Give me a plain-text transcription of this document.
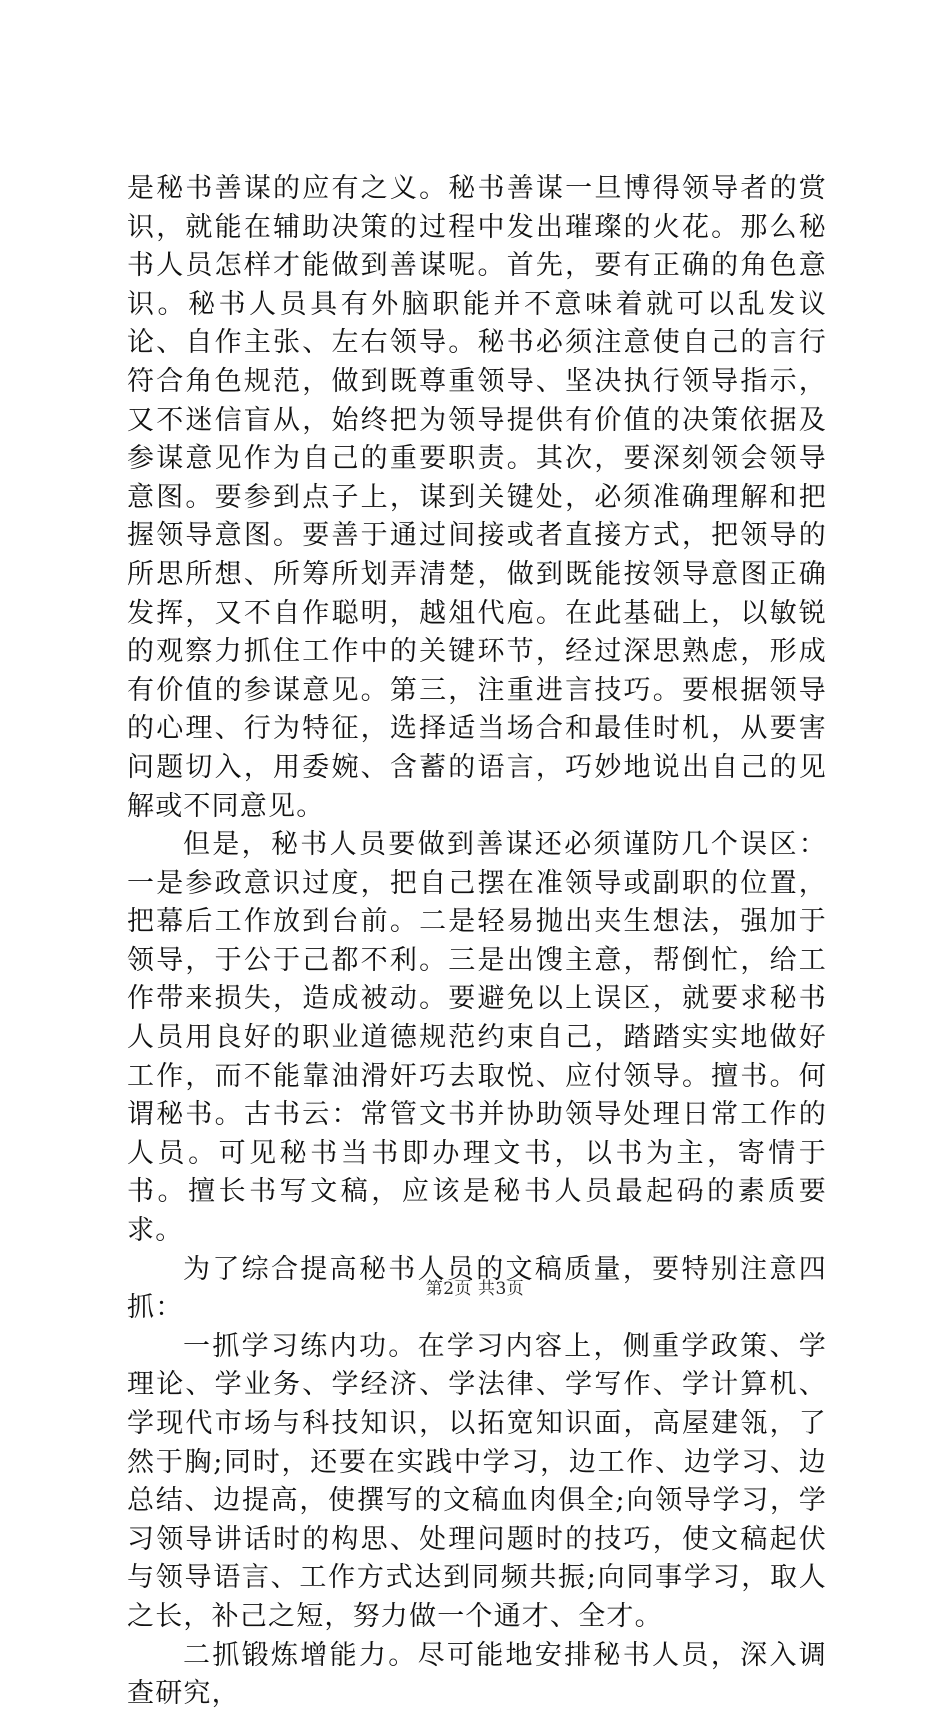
是秘书善谋的应有之义。秘书善谋一旦博得领导者的赏识，就能在辅助决策的过程中发出璀璨的火花。那么秘书人员怎样才能做到善谋呢。首先，要有正确的角色意识。秘书人员具有外脑职能并不意味着就可以乱发议论、自作主张、左右领导。秘书必须注意使自己的言行符合角色规范，做到既尊重领导、坚决执行领导指示，又不迷信盲从，始终把为领导提供有价值的决策依据及参谋意见作为自己的重要职责。其次，要深刻领会领导意图。要参到点子上，谋到关键处，必须准确理解和把握领导意图。要善于通过间接或者直接方式，把领导的所思所想、所筹所划弄清楚，做到既能按领导意图正确发挥，又不自作聪明，越俎代庖。在此基础上，以敏锐的观察力抓住工作中的关键环节，经过深思熟虑，形成有价值的参谋意见。第三，注重进言技巧。要根据领导的心理、行为特征，选择适当场合和最佳时机，从要害问题切入，用委婉、含蓄的语言，巧妙地说出自己的见解或不同意见。

但是，秘书人员要做到善谋还必须谨防几个误区：一是参政意识过度，把自己摆在准领导或副职的位置，把幕后工作放到台前。二是轻易抛出夹生想法，强加于领导，于公于己都不利。三是出馊主意，帮倒忙，给工作带来损失，造成被动。要避免以上误区，就要求秘书人员用良好的职业道德规范约束自己，踏踏实实地做好工作，而不能靠油滑奸巧去取悦、应付领导。擅书。何谓秘书。古书云：常管文书并协助领导处理日常工作的人员。可见秘书当书即办理文书，以书为主，寄情于书。擅长书写文稿，应该是秘书人员最起码的素质要求。

为了综合提高秘书人员的文稿质量，要特别注意四抓：

一抓学习练内功。在学习内容上，侧重学政策、学理论、学业务、学经济、学法律、学写作、学计算机、学现代市场与科技知识，以拓宽知识面，高屋建瓴，了然于胸;同时，还要在实践中学习，边工作、边学习、边总结、边提高，使撰写的文稿血肉俱全;向领导学习，学习领导讲话时的构思、处理问题时的技巧，使文稿起伏与领导语言、工作方式达到同频共振;向同事学习，取人之长，补己之短，努力做一个通才、全才。

二抓锻炼增能力。尽可能地安排秘书人员，深入调查研究，

第2页 共3页
